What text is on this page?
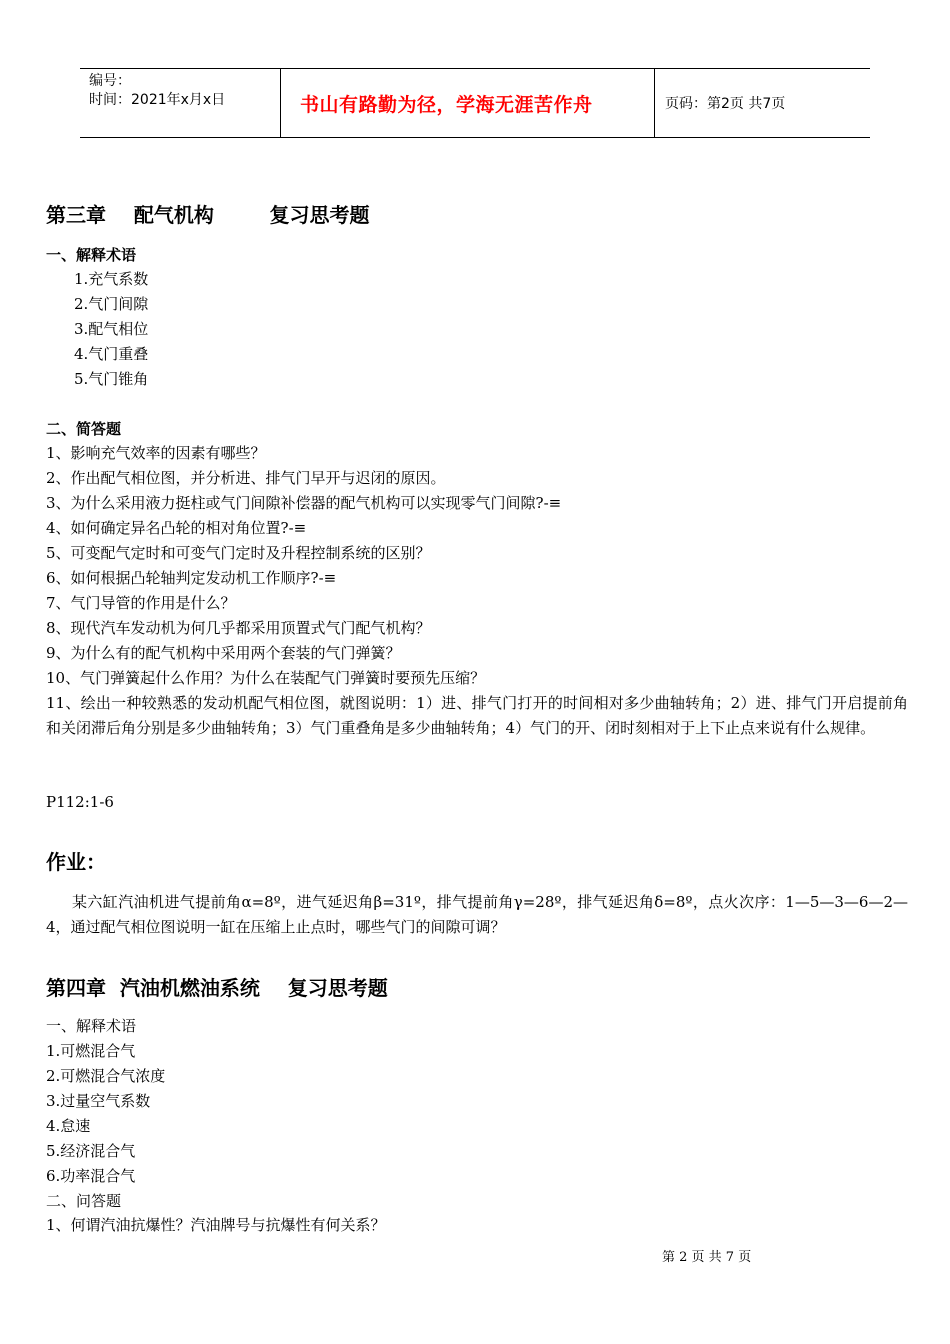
编号：
时间：2021年x月x日	书山有路勤为径，学海无涯苦作舟	页码：第2页 共7页
第三章    配气机构        复习思考题
一、解释术语
1.充气系数
2.气门间隙
3.配气相位
4.气门重叠
5.气门锥角
二、简答题
1、影响充气效率的因素有哪些？
2、作出配气相位图，并分析进、排气门早开与迟闭的原因。
3、为什么采用液力挺柱或气门间隙补偿器的配气机构可以实现零气门间隙?-≡
4、如何确定异名凸轮的相对角位置?-≡
5、可变配气定时和可变气门定时及升程控制系统的区别？
6、如何根据凸轮轴判定发动机工作顺序?-≡
7、气门导管的作用是什么？
8、现代汽车发动机为何几乎都采用顶置式气门配气机构？
9、为什么有的配气机构中采用两个套装的气门弹簧？
10、气门弹簧起什么作用？为什么在装配气门弹簧时要预先压缩？
11、绘出一种较熟悉的发动机配气相位图，就图说明：1）进、排气门打开的时间相对多少曲轴转角；2）进、排气门开启提前角和关闭滞后角分别是多少曲轴转角；3）气门重叠角是多少曲轴转角；4）气门的开、闭时刻相对于上下止点来说有什么规律。
P112:1-6
作业：
某六缸汽油机进气提前角α=8º，进气延迟角β=31º，排气提前角γ=28º，排气延迟角δ=8º，点火次序：1—5—3—6—2—4，通过配气相位图说明一缸在压缩上止点时，哪些气门的间隙可调？
第四章  汽油机燃油系统    复习思考题
一、解释术语
1.可燃混合气
2.可燃混合气浓度
3.过量空气系数
4.怠速
5.经济混合气
6.功率混合气
二、问答题
1、何谓汽油抗爆性？汽油牌号与抗爆性有何关系？
第 2 页 共 7 页
